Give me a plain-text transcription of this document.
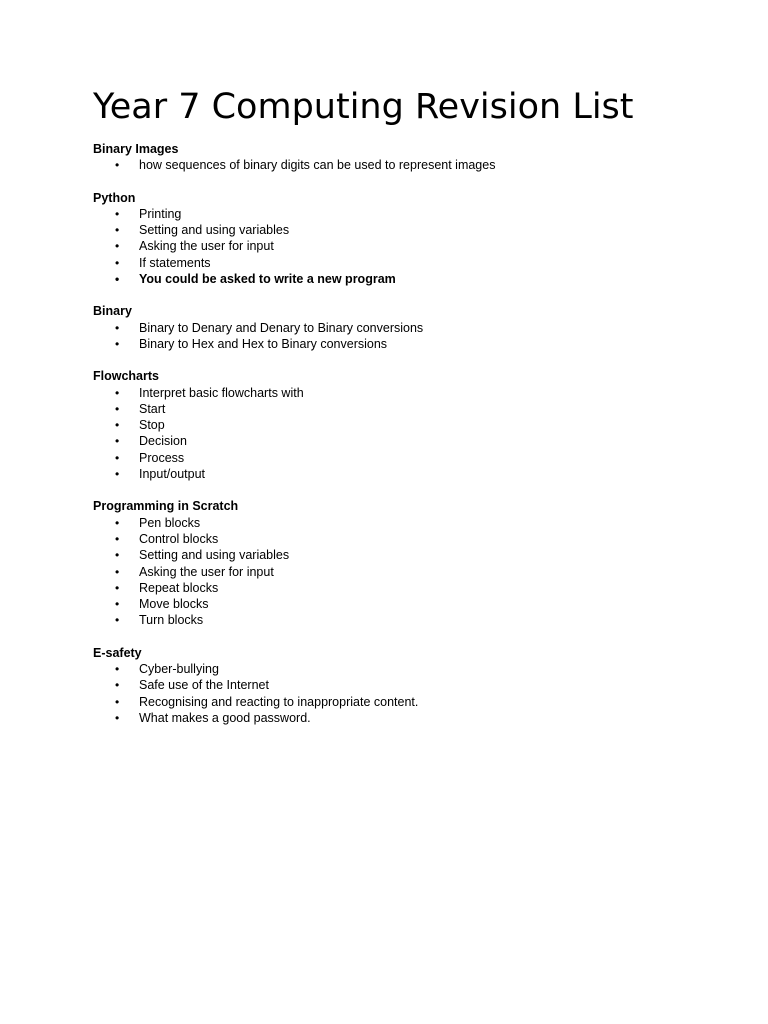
Year 7 Computing Revision List
Binary Images
•	how sequences of binary digits can be used to represent images
Python
•	Printing
•	Setting and using variables
•	Asking the user for input
•	If statements
•	You could be asked to write a new program
Binary
•	Binary to Denary and Denary to Binary conversions
•	Binary to Hex and Hex to Binary conversions
Flowcharts
•	Interpret basic flowcharts with
•	Start
•	Stop
•	Decision
•	Process
•	Input/output
Programming in Scratch
•	Pen blocks
•	Control blocks
•	Setting and using variables
•	Asking the user for input
•	Repeat blocks
•	Move blocks
•	Turn blocks
E-safety
•	Cyber-bullying
•	Safe use of the Internet
•	Recognising and reacting to inappropriate content.
•	What makes a good password.
